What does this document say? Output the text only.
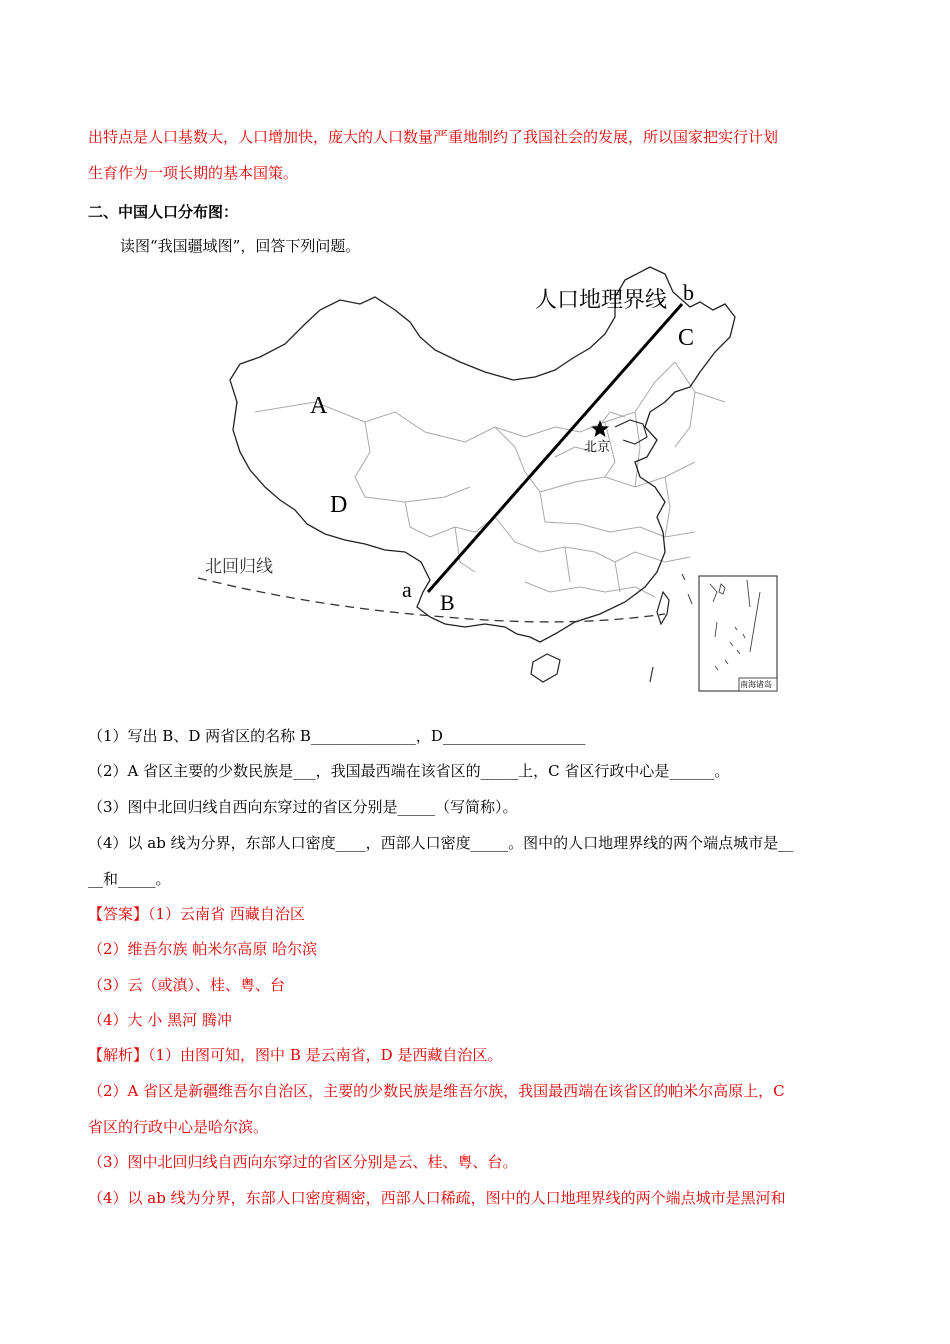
出特点是人口基数大，人口增加快，庞大的人口数量严重地制约了我国社会的发展，所以国家把实行计划
生育作为一项长期的基本国策。
二、中国人口分布图：
读图“我国疆域图”，回答下列问题。
人口地理界线 b
C
A
D
a
B
北京
北回归线
南海诸岛
（1）写出 B、D 两省区的名称 B______________，D___________________
（2）A 省区主要的少数民族是___，我国最西端在该省区的_____上，C 省区行政中心是______。
（3）图中北回归线自西向东穿过的省区分别是_____（写简称）。
（4）以 ab 线为分界，东部人口密度____，西部人口密度_____。图中的人口地理界线的两个端点城市是__
__和_____。
【答案】（1）云南省 西藏自治区
（2）维吾尔族 帕米尔高原 哈尔滨
（3）云（或滇）、桂、粤、台
（4）大 小 黑河 腾冲
【解析】（1）由图可知，图中 B 是云南省，D 是西藏自治区。
（2）A 省区是新疆维吾尔自治区，主要的少数民族是维吾尔族，我国最西端在该省区的帕米尔高原上，C
省区的行政中心是哈尔滨。
（3）图中北回归线自西向东穿过的省区分别是云、桂、粤、台。
（4）以 ab 线为分界，东部人口密度稠密，西部人口稀疏，图中的人口地理界线的两个端点城市是黑河和
